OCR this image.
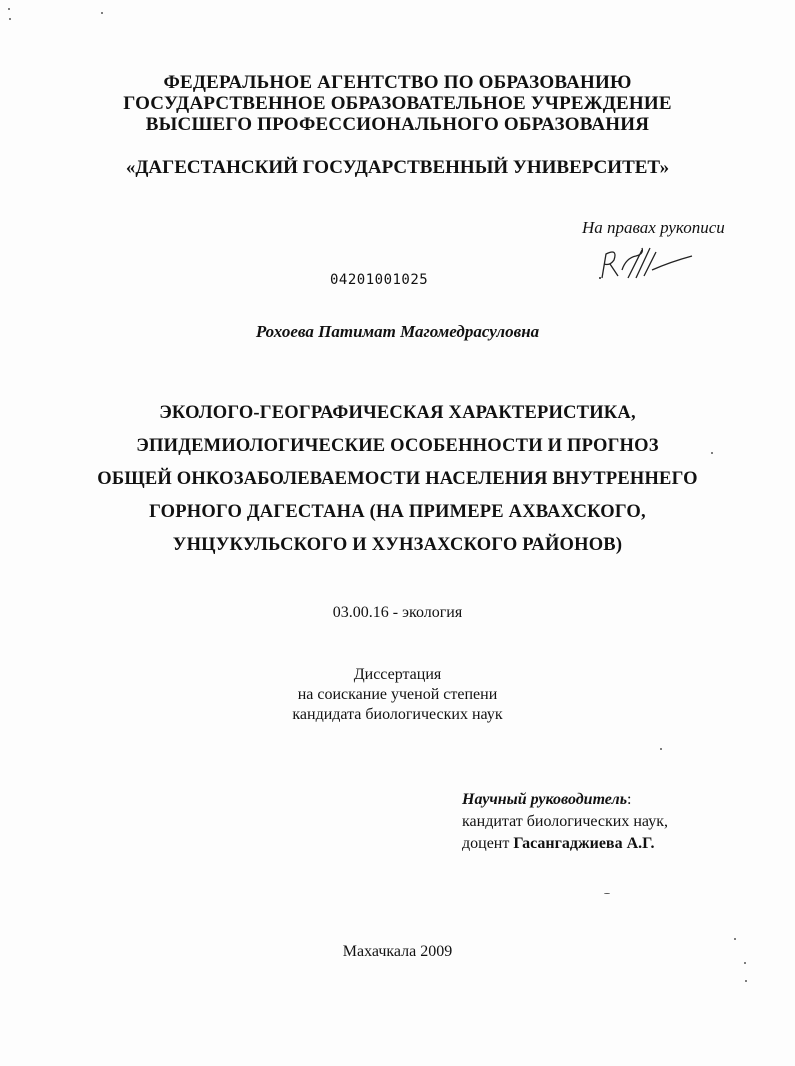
ФЕДЕРАЛЬНОЕ АГЕНТСТВО ПО ОБРАЗОВАНИЮ
ГОСУДАРСТВЕННОЕ ОБРАЗОВАТЕЛЬНОЕ УЧРЕЖДЕНИЕ
ВЫСШЕГО ПРОФЕССИОНАЛЬНОГО ОБРАЗОВАНИЯ
«ДАГЕСТАНСКИЙ ГОСУДАРСТВЕННЫЙ УНИВЕРСИТЕТ»
На правах рукописи
04201001025
Рохоева Патимат Магомедрасуловна
ЭКОЛОГО-ГЕОГРАФИЧЕСКАЯ ХАРАКТЕРИСТИКА,
ЭПИДЕМИОЛОГИЧЕСКИЕ ОСОБЕННОСТИ И ПРОГНОЗ
ОБЩЕЙ ОНКОЗАБОЛЕВАЕМОСТИ НАСЕЛЕНИЯ ВНУТРЕННЕГО
ГОРНОГО ДАГЕСТАНА (НА ПРИМЕРЕ АХВАХСКОГО,
УНЦУКУЛЬСКОГО И ХУНЗАХСКОГО РАЙОНОВ)
03.00.16 - экология
Диссертация
на соискание ученой степени
кандидата биологических наук
Научный руководитель:
кандитат биологических наук,
доцент Гасангаджиева А.Г.
Махачкала 2009
